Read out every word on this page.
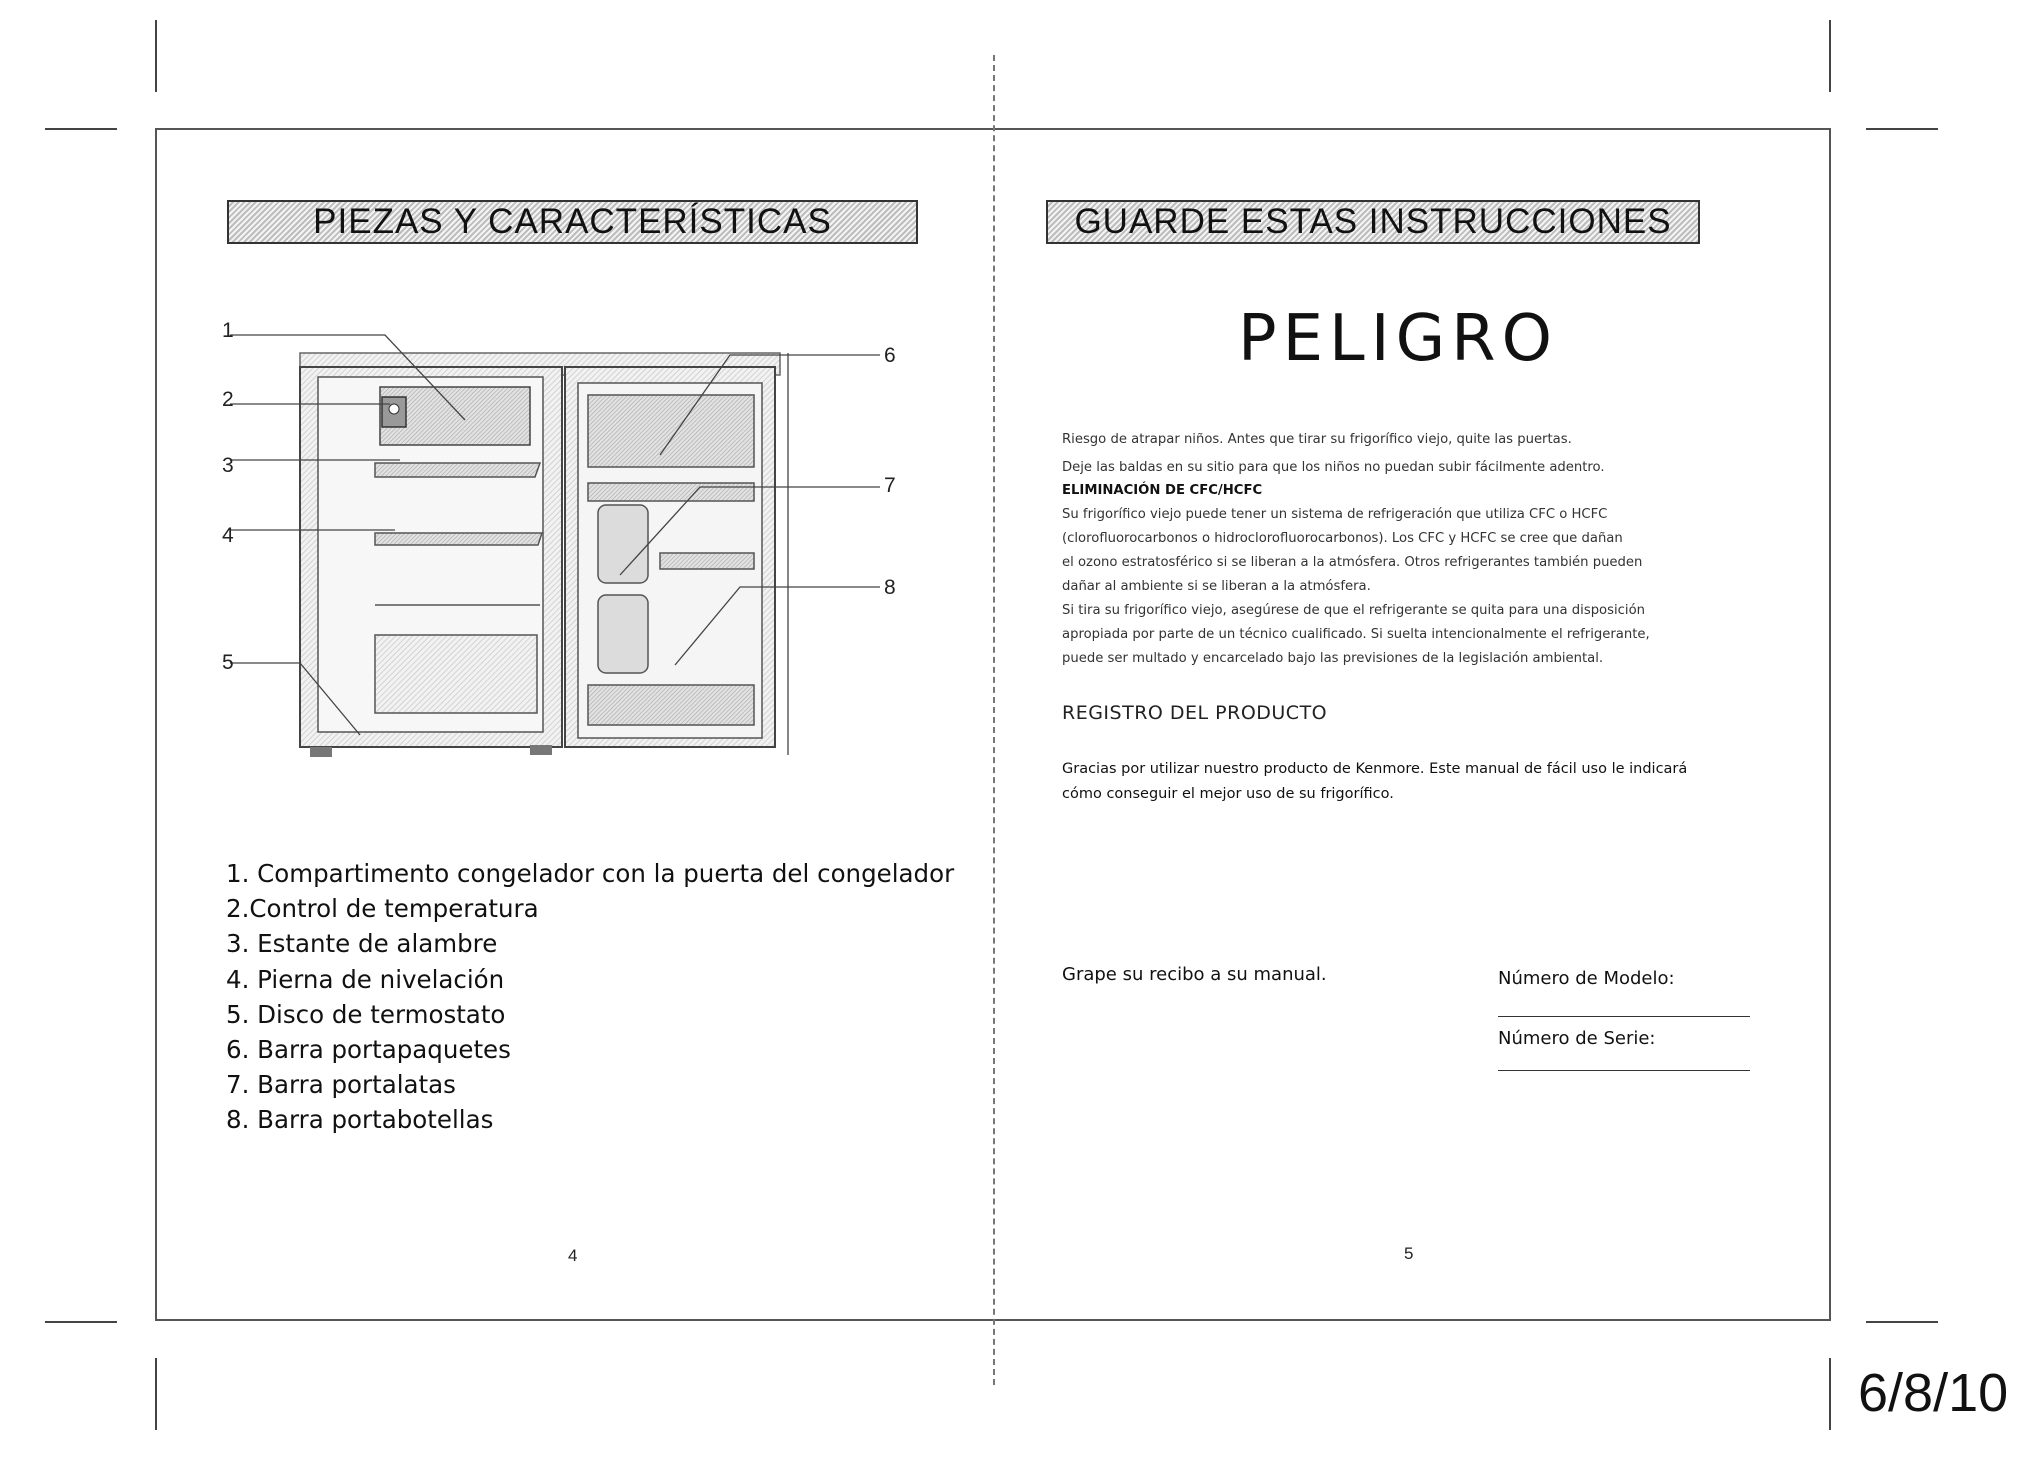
PIEZAS Y CARACTERÍSTICAS
1
2
3
4
5
6
7
8
1. Compartimento congelador con la puerta del congelador
2.Control de temperatura
3. Estante de alambre
4. Pierna de nivelación
5. Disco de termostato
6. Barra portapaquetes
7. Barra portalatas
8. Barra portabotellas
4
GUARDE ESTAS INSTRUCCIONES
PELIGRO
Riesgo de atrapar niños. Antes que tirar su frigorífico viejo, quite las puertas.
Deje las baldas en su sitio para que los niños no puedan subir fácilmente adentro.
ELIMINACIÓN DE CFC/HCFC
Su frigorífico viejo puede tener un sistema de refrigeración que utiliza CFC o HCFC
(clorofluorocarbonos o hidroclorofluorocarbonos). Los CFC y HCFC se cree que dañan
el ozono estratosférico si se liberan a la atmósfera. Otros refrigerantes también pueden
dañar al ambiente si se liberan a la atmósfera.
Si tira su frigorífico viejo, asegúrese de que el refrigerante se quita para una disposición
apropiada por parte de un técnico cualificado. Si suelta intencionalmente el refrigerante,
puede ser multado y encarcelado bajo las previsiones de la legislación ambiental.
REGISTRO DEL PRODUCTO
Gracias por utilizar nuestro producto de Kenmore. Este manual de fácil uso le indicará
cómo conseguir el mejor uso de su frigorífico.
Grape su recibo a su manual.	Número de Modelo:
Número de Serie:
5
6/8/10
